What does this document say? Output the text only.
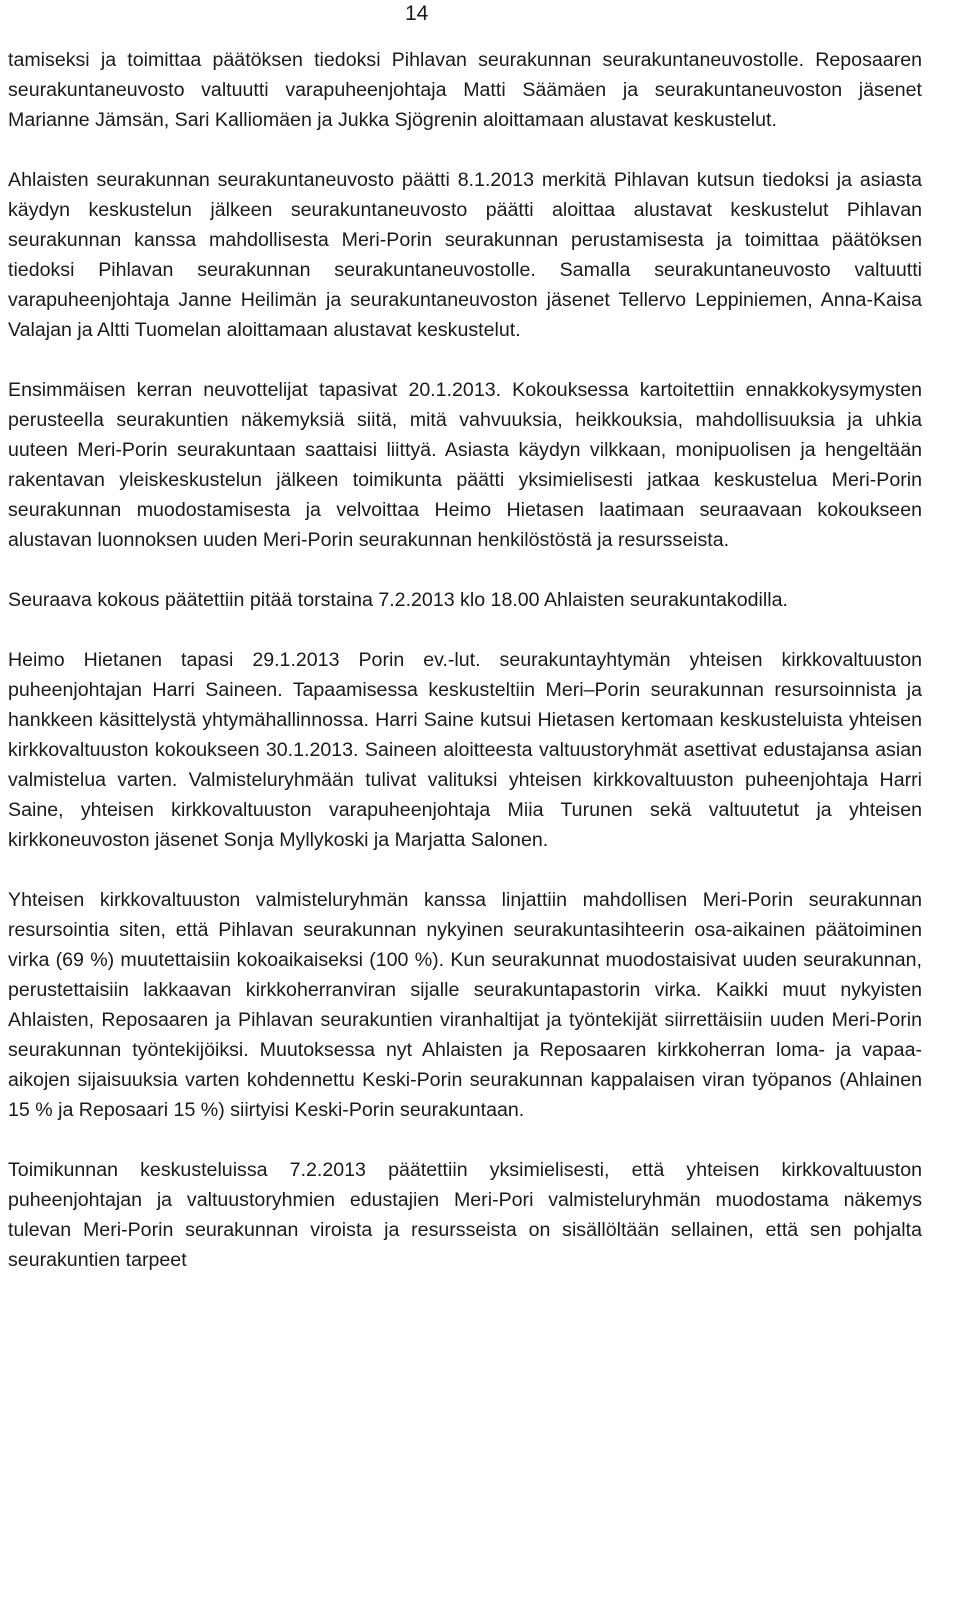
14

tamiseksi ja toimittaa päätöksen tiedoksi Pihlavan seurakunnan seurakuntaneuvostolle. Reposaaren seurakuntaneuvosto valtuutti varapuheenjohtaja Matti Säämäen ja seurakuntaneuvoston jäsenet Marianne Jämsän, Sari Kalliomäen ja Jukka Sjögrenin aloittamaan alustavat keskustelut.

Ahlaisten seurakunnan seurakuntaneuvosto päätti 8.1.2013 merkitä Pihlavan kutsun tiedoksi ja asiasta käydyn keskustelun jälkeen seurakuntaneuvosto päätti aloittaa alustavat keskustelut Pihlavan seurakunnan kanssa mahdollisesta Meri-Porin seurakunnan perustamisesta ja toimittaa päätöksen tiedoksi Pihlavan seurakunnan seurakuntaneuvostolle. Samalla seurakuntaneuvosto valtuutti varapuheenjohtaja Janne Heilimän ja seurakuntaneuvoston jäsenet Tellervo Leppiniemen, Anna-Kaisa Valajan ja Altti Tuomelan aloittamaan alustavat keskustelut.

Ensimmäisen kerran neuvottelijat tapasivat 20.1.2013. Kokouksessa kartoitettiin ennakkokysymysten perusteella seurakuntien näkemyksiä siitä, mitä vahvuuksia, heikkouksia, mahdollisuuksia ja uhkia uuteen Meri-Porin seurakuntaan saattaisi liittyä. Asiasta käydyn vilkkaan, monipuolisen ja hengeltään rakentavan yleiskeskustelun jälkeen toimikunta päätti yksimielisesti jatkaa keskustelua Meri-Porin seurakunnan muodostamisesta ja velvoittaa Heimo Hietasen laatimaan seuraavaan kokoukseen alustavan luonnoksen uuden Meri-Porin seurakunnan henkilöstöstä ja resursseista.

Seuraava kokous päätettiin pitää torstaina 7.2.2013 klo 18.00 Ahlaisten seurakuntakodilla.

Heimo Hietanen tapasi 29.1.2013 Porin ev.-lut. seurakuntayhtymän yhteisen kirkkovaltuuston puheenjohtajan Harri Saineen. Tapaamisessa keskusteltiin Meri–Porin seurakunnan resursoinnista ja hankkeen käsittelystä yhtymähallinnossa. Harri Saine kutsui Hietasen kertomaan keskusteluista yhteisen kirkkovaltuuston kokoukseen 30.1.2013. Saineen aloitteesta valtuustoryhmät asettivat edustajansa asian valmistelua varten. Valmisteluryhmään tulivat valituksi yhteisen kirkkovaltuuston puheenjohtaja Harri Saine, yhteisen kirkkovaltuuston varapuheenjohtaja Miia Turunen sekä valtuutetut ja yhteisen kirkkoneuvoston jäsenet Sonja Myllykoski ja Marjatta Salonen.

Yhteisen kirkkovaltuuston valmisteluryhmän kanssa linjattiin mahdollisen Meri-Porin seurakunnan resursointia siten, että Pihlavan seurakunnan nykyinen seurakuntasihteerin osa-aikainen päätoiminen virka (69 %) muutettaisiin kokoaikaiseksi (100 %). Kun seurakunnat muodostaisivat uuden seurakunnan, perustettaisiin lakkaavan kirkkoherranviran sijalle seurakuntapastorin virka. Kaikki muut nykyisten Ahlaisten, Reposaaren ja Pihlavan seurakuntien viranhaltijat ja työntekijät siirrettäisiin uuden Meri-Porin seurakunnan työntekijöiksi. Muutoksessa nyt Ahlaisten ja Reposaaren kirkkoherran loma- ja vapaa-aikojen sijaisuuksia varten kohdennettu Keski-Porin seurakunnan kappalaisen viran työpanos (Ahlainen 15 % ja Reposaari 15 %) siirtyisi Keski-Porin seurakuntaan.

Toimikunnan keskusteluissa 7.2.2013 päätettiin yksimielisesti, että yhteisen kirkkovaltuuston puheenjohtajan ja valtuustoryhmien edustajien Meri-Pori valmisteluryhmän muodostama näkemys tulevan Meri-Porin seurakunnan viroista ja resursseista on sisällöltään sellainen, että sen pohjalta seurakuntien tarpeet
